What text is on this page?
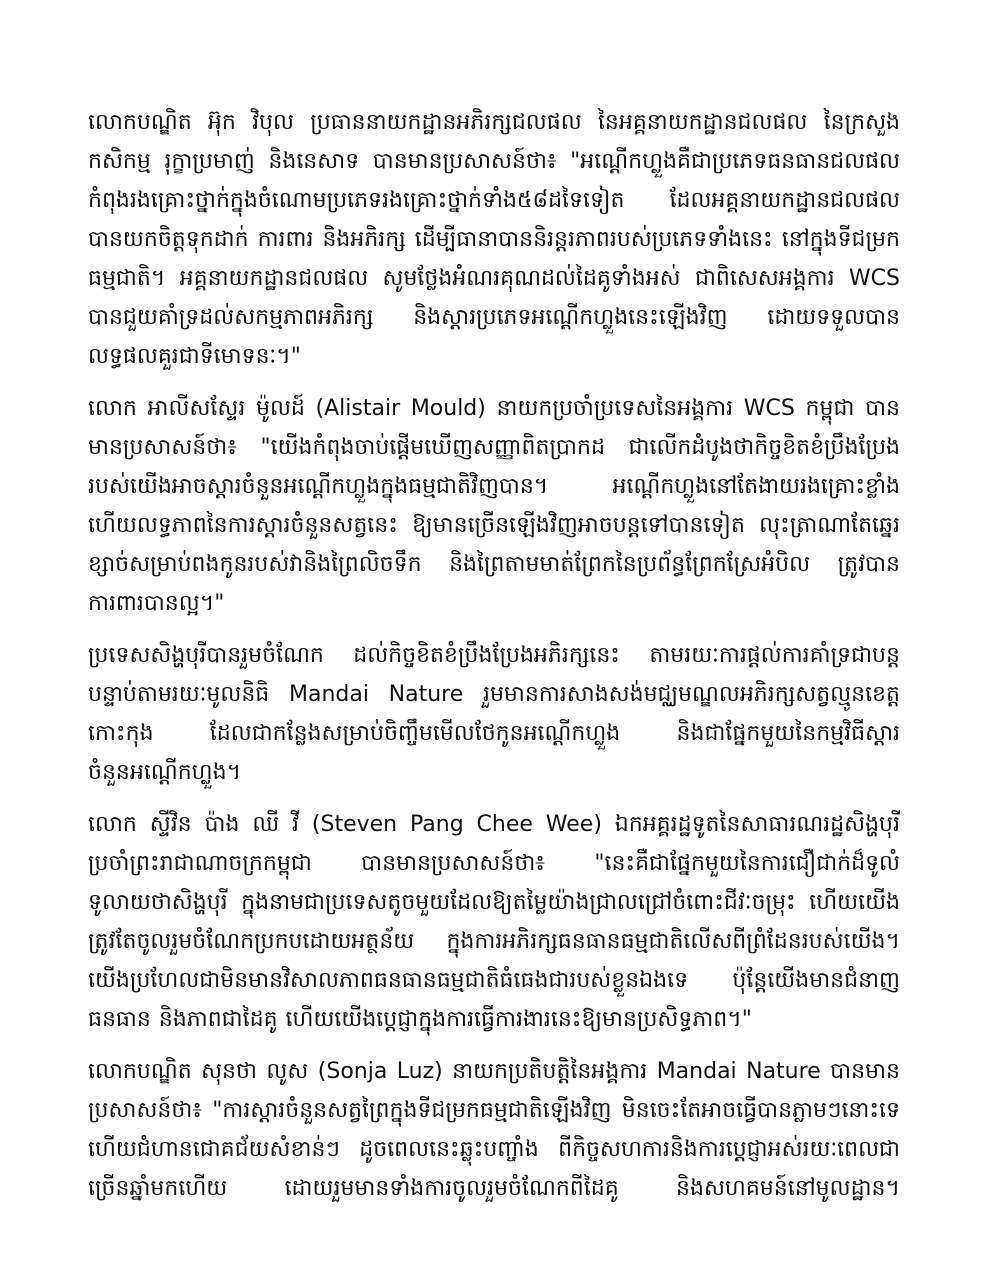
លោកបណ្ឌិត អ៊ុក វិបុល ប្រធាននាយកដ្ឋានអភិរក្សជលផល នៃអគ្គនាយកដ្ឋានជលផល នៃក្រសួងកសិកម្ម រុក្ខាប្រមាញ់ និងនេសាទ បានមានប្រសាសន៍ថា៖ "អណ្តើកហ្លួងគឺជាប្រភេទធនធានជលផលកំពុងរងគ្រោះថ្នាក់ក្នុងចំណោមប្រភេទរងគ្រោះថ្នាក់ទាំង៥៨ដទៃទៀត ដែលអគ្គនាយកដ្ឋានជលផលបានយកចិត្តទុកដាក់ ការពារ និងអភិរក្ស ដើម្បីធានាបាននិរន្តរភាពរបស់ប្រភេទទាំងនេះ នៅក្នុងទីជម្រកធម្មជាតិ។ អគ្គនាយកដ្ឋានជលផល សូមថ្លែងអំណរគុណដល់ដៃគូទាំងអស់ ជាពិសេសអង្គការ WCS បានជួយគាំទ្រដល់សកម្មភាពអភិរក្ស និងស្តារប្រភេទអណ្តើកហ្លួងនេះឡើងវិញ ដោយទទួលបានលទ្ធផលគួរជាទីមោទនៈ។"

លោក អាលីសស្ទែរ ម៉ូលដ៍ (Alistair Mould) នាយកប្រចាំប្រទេសនៃអង្គការ WCS កម្ពុជា បានមានប្រសាសន៍ថា៖ "យើងកំពុងចាប់ផ្តើមឃើញសញ្ញាពិតប្រាកដ ជាលើកដំបូងថាកិច្ចខិតខំប្រឹងប្រែងរបស់យើងអាចស្តារចំនួនអណ្តើកហ្លួងក្នុងធម្មជាតិវិញបាន។ អណ្តើកហ្លួងនៅតែងាយរងគ្រោះខ្លាំង ហើយលទ្ធភាពនៃការស្តារចំនួនសត្វនេះ ឱ្យមានច្រើនឡើងវិញអាចបន្តទៅបានទៀត លុះត្រាណាតែឆ្នេរខ្សាច់សម្រាប់ពងកូនរបស់វានិងព្រៃលិចទឹក និងព្រៃតាមមាត់ព្រែកនៃប្រព័ន្ធព្រែកស្រែអំបិល ត្រូវបានការពារបានល្អ។"

ប្រទេសសិង្ហបុរីបានរួមចំណែក ដល់កិច្ចខិតខំប្រឹងប្រែងអភិរក្សនេះ តាមរយៈការផ្តល់ការគាំទ្រជាបន្តបន្ទាប់តាមរយៈមូលនិធិ Mandai Nature រួមមានការសាងសង់មជ្ឈមណ្ឌលអភិរក្សសត្វល្មូនខេត្តកោះកុង ដែលជាកន្លែងសម្រាប់ចិញ្ចឹមមើលថែកូនអណ្តើកហ្លួង និងជាផ្នែកមួយនៃកម្មវិធីស្តារចំនួនអណ្តើកហ្លួង។

លោក ស្ទីវិន ប៉ាង ឈី វី (Steven Pang Chee Wee) ឯកអគ្គរដ្ឋទូតនៃសាធារណរដ្ឋសិង្ហបុរី ប្រចាំព្រះរាជាណាចក្រកម្ពុជា បានមានប្រសាសន៍ថា៖ "នេះគឺជាផ្នែកមួយនៃការជឿជាក់ដ៏ទូលំទូលាយថាសិង្ហបុរី ក្នុងនាមជាប្រទេសតូចមួយដែលឱ្យតម្លៃយ៉ាងជ្រាលជ្រៅចំពោះជីវៈចម្រុះ ហើយយើងត្រូវតែចូលរួមចំណែកប្រកបដោយអត្ថន័យ ក្នុងការអភិរក្សធនធានធម្មជាតិលើសពីព្រំដែនរបស់យើង។ យើងប្រហែលជាមិនមានវិសាលភាពធនធានធម្មជាតិធំធេងជារបស់ខ្លួនឯងទេ ប៉ុន្តែយើងមានជំនាញ ធនធាន និងភាពជាដៃគូ ហើយយើងប្តេជ្ញាក្នុងការធ្វើការងារនេះឱ្យមានប្រសិទ្ធភាព។"

លោកបណ្ឌិត សុនថា លូស (Sonja Luz) នាយកប្រតិបត្តិនៃអង្គការ Mandai Nature បានមានប្រសាសន៍ថា៖ "ការស្តារចំនួនសត្វព្រៃក្នុងទីជម្រកធម្មជាតិឡើងវិញ មិនចេះតែអាចធ្វើបានភ្លាមៗនោះទេ ហើយជំហានជោគជ័យសំខាន់ៗ ដូចពេលនេះឆ្លុះបញ្ចាំង ពីកិច្ចសហការនិងការប្តេជ្ញាអស់រយៈពេលជាច្រើនឆ្នាំមកហើយ ដោយរួមមានទាំងការចូលរួមចំណែកពីដៃគូ និងសហគមន៍នៅមូលដ្ឋាន។
